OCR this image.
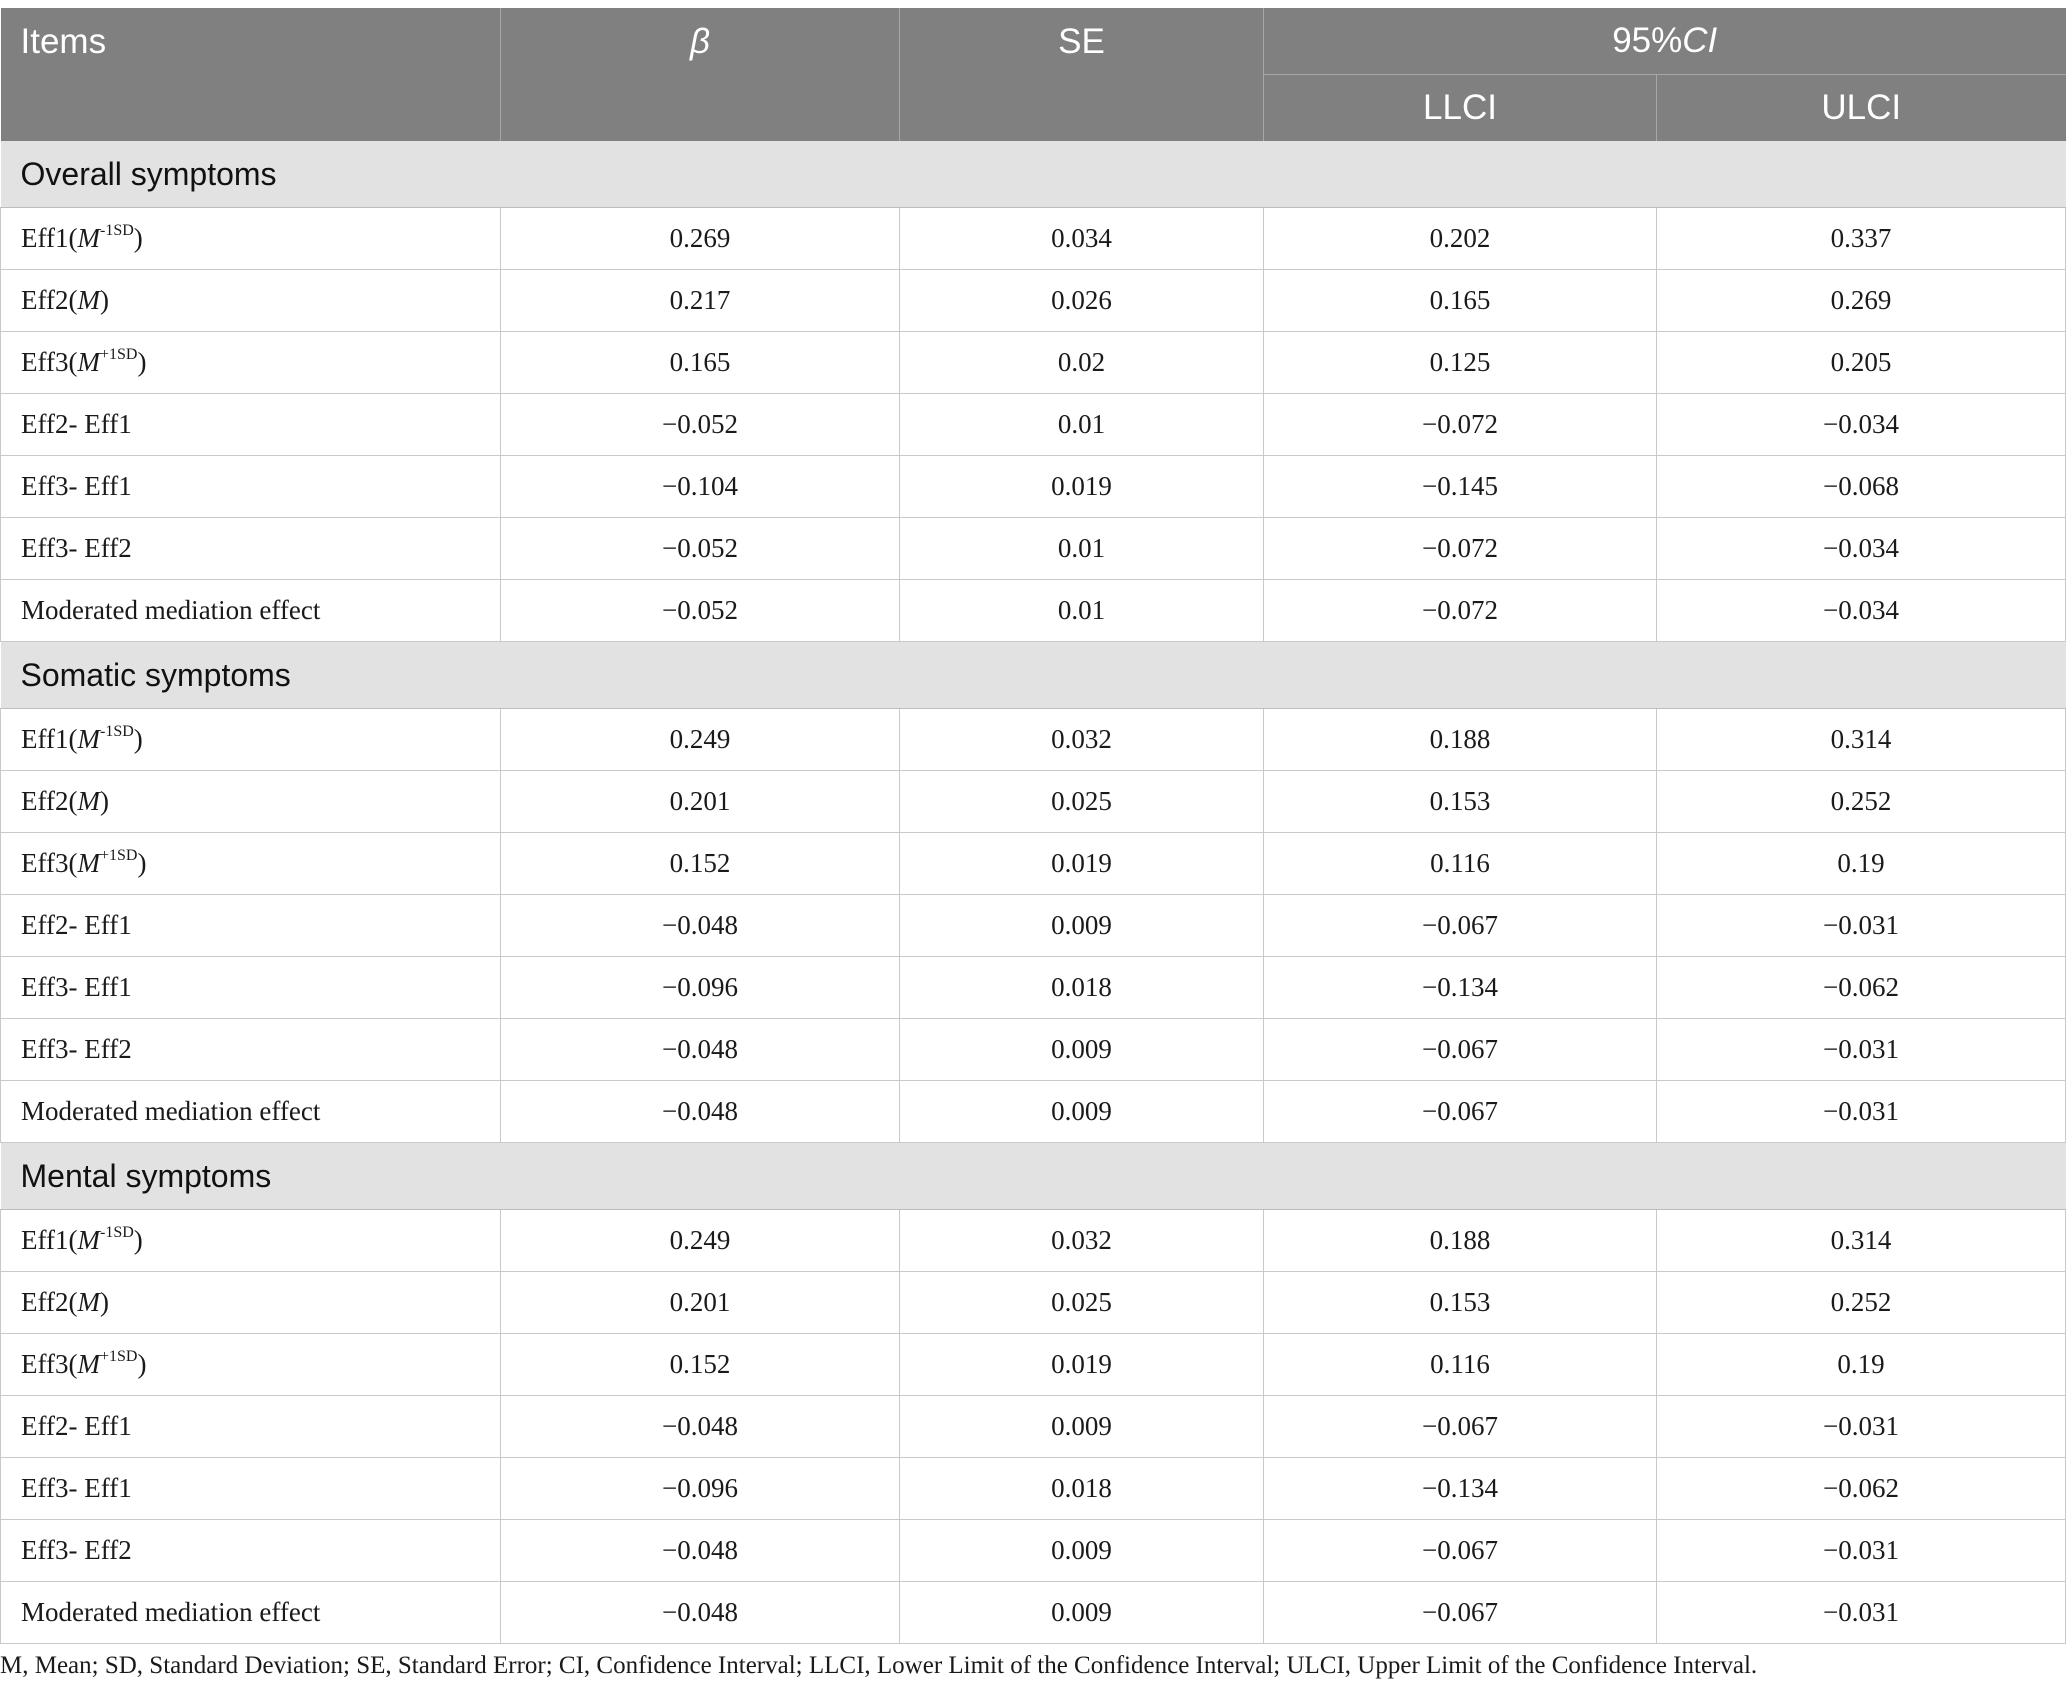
Items	β	SE	95%CI	
			LLCI	ULCI
Overall symptoms				
$Eff1(M^{-1SD})$	0.269	0.034	0.202	0.337
Eff2(M)	0.217	0.026	0.165	0.269
$Eff3(M^{+1SD})$	0.165	0.02	0.125	0.205
Eff2- Eff1	−0.052	0.01	−0.072	−0.034
Eff3- Eff1	−0.104	0.019	−0.145	−0.068
Eff3- Eff2	−0.052	0.01	−0.072	−0.034
Moderated mediation effect	−0.052	0.01	−0.072	−0.034
Somatic symptoms				
$Eff1(M^{-1SD})$	0.249	0.032	0.188	0.314
Eff2(M)	0.201	0.025	0.153	0.252
$Eff3(M^{+1SD})$	0.152	0.019	0.116	0.19
Eff2- Eff1	−0.048	0.009	−0.067	−0.031
Eff3- Eff1	−0.096	0.018	−0.134	−0.062
Eff3- Eff2	−0.048	0.009	−0.067	−0.031
Moderated mediation effect	−0.048	0.009	−0.067	−0.031
Mental symptoms				
$Eff1(M^{-1SD})$	0.249	0.032	0.188	0.314
Eff2(M)	0.201	0.025	0.153	0.252
$Eff3(M^{+1SD})$	0.152	0.019	0.116	0.19
Eff2- Eff1	−0.048	0.009	−0.067	−0.031
Eff3- Eff1	−0.096	0.018	−0.134	−0.062
Eff3- Eff2	−0.048	0.009	−0.067	−0.031
Moderated mediation effect	−0.048	0.009	−0.067	−0.031
M, Mean; SD, Standard Deviation; SE, Standard Error; CI, Confidence Interval; LLCI, Lower Limit of the Confidence Interval; ULCI, Upper Limit of the Confidence Interval.
